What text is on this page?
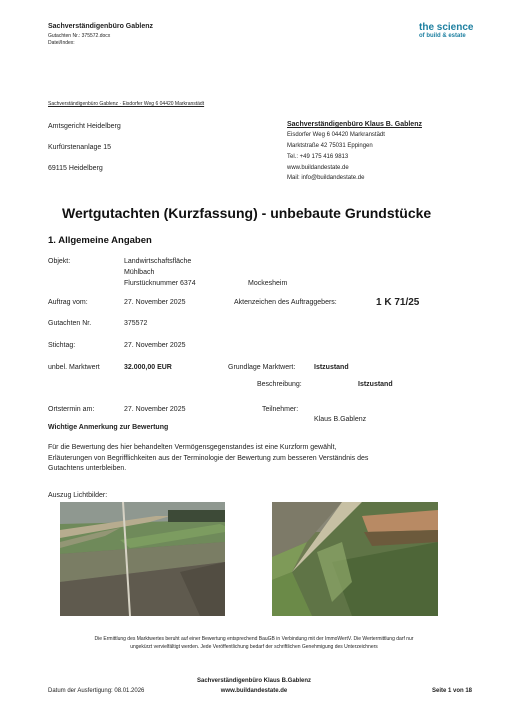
Sachverständigenbüro Gablenz
Gutachten Nr.: 375572.docx
Datei/Index:
the science
of build & estate
Sachverständigenbüro Gablenz · Eisdorfer Weg 6 04420 Markranstädt
Amtsgericht Heidelberg
Kurfürstenanlage 15
69115 Heidelberg
Sachverständigenbüro Klaus B. Gablenz
Eisdorfer Weg 6 04420 Markranstädt
Marktstraße 42 75031 Eppingen
Tel.: +49 175 416 9813
www.buildandestate.de
Mail: info@buildandestate.de
Wertgutachten (Kurzfassung) - unbebaute Grundstücke
1. Allgemeine Angaben
Objekt:	Landwirtschaftsfläche
Mühlbach
Flurstücknummer 6374	Mockesheim
Auftrag vom:	27. November 2025	Aktenzeichen des Auftraggebers:	1 K 71/25
Gutachten Nr.	375572
Stichtag:	27. November 2025
unbel. Marktwert	32.000,00 EUR	Grundlage Marktwert:	Istzustand
Beschreibung:	Istzustand
Ortstermin am:	27. November 2025	Teilnehmer:
Klaus B.Gablenz
Wichtige Anmerkung zur Bewertung
Für die Bewertung des hier behandelten Vermögensgegenstandes ist eine Kurzform gewählt,
Erläuterungen von Begrifflichkeiten aus der Terminologie der Bewertung zum besseren Verständnis des
Gutachtens unterbleiben.
Auszug Lichtbilder:
Die Ermittlung des Marktwertes beruht auf einer Bewertung entsprechend BauGB in Verbindung mit der ImmoWertV. Die Wertermittlung darf nur
ungekürzt vervielfältigt werden. Jede Veröffentlichung bedarf der schriftlichen Genehmigung des Unterzeichners
Sachverständigenbüro Klaus B.Gablenz
Datum der Ausfertigung: 08.01.2026	www.buildandestate.de	Seite 1 von 18
